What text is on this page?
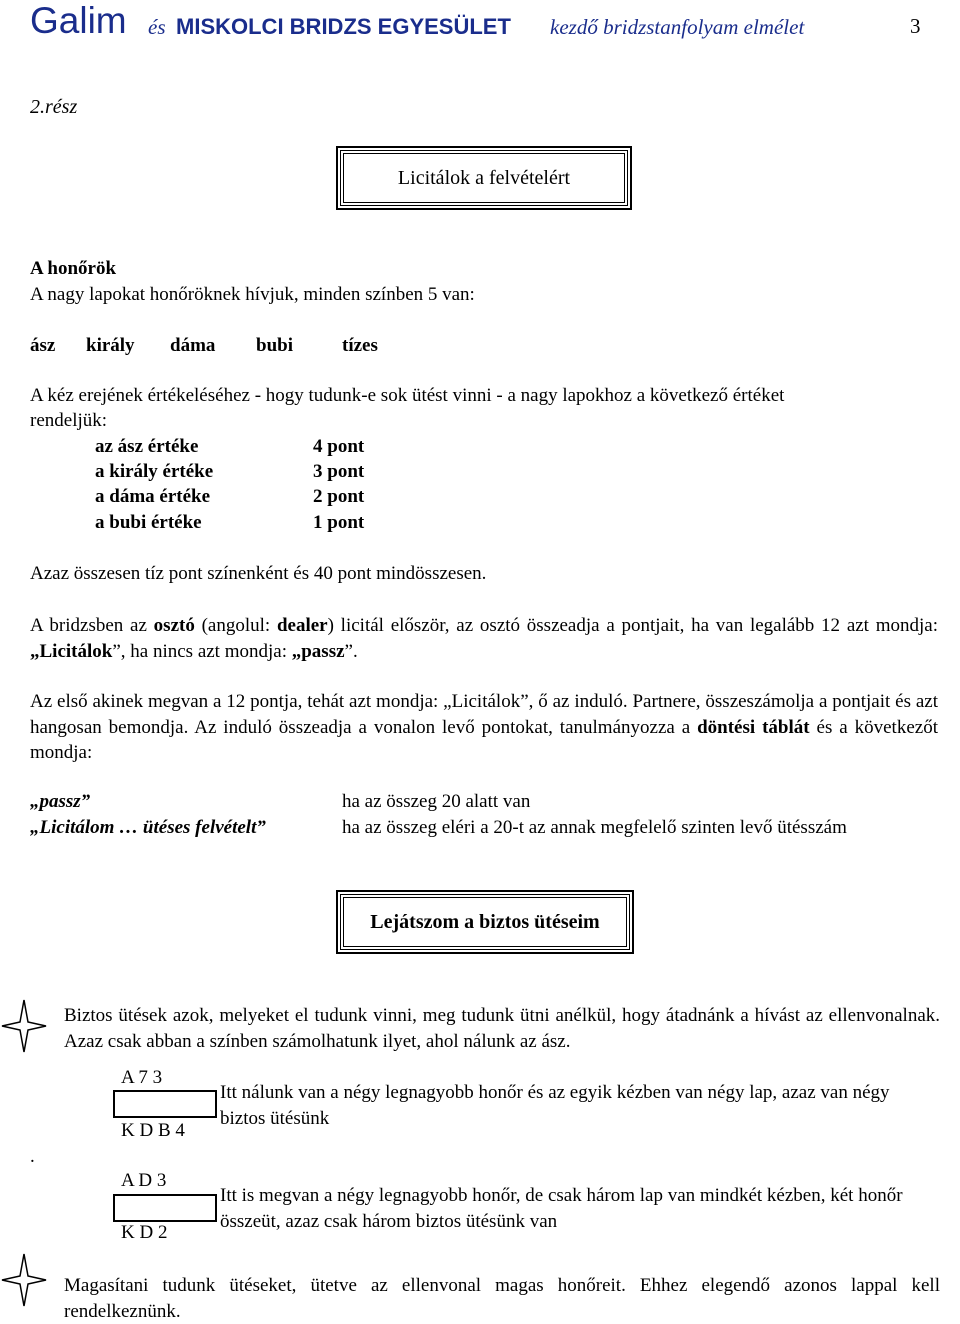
Galim és MISKOLCI BRIDZS EGYESÜLET kezdő bridzstanfolyam elmélet	3
2.rész
Licitálok a felvételért
A honőrök
A nagy lapokat honőröknek hívjuk, minden színben 5 van:
ász király dáma bubi	tízes
A kéz erejének értékeléséhez - hogy tudunk-e sok ütést vinni - a nagy lapokhoz a következő értéket
rendeljük:
az ász értéke	4 pont
a király értéke	3 pont
a dáma értéke	2 pont
a bubi értéke	1 pont
Azaz összesen tíz pont színenként és 40 pont mindösszesen.

A bridzsben az osztó (angolul: dealer) licitál először, az osztó összeadja a pontjait, ha van legalább 12 azt mondja: „Licitálok”, ha nincs azt mondja: „passz”.

Az első akinek megvan a 12 pontja, tehát azt mondja: „Licitálok”, ő az induló. Partnere, összeszámolja a pontjait és azt hangosan bemondja. Az induló összeadja a vonalon levő pontokat, tanulmányozza a döntési táblát és a következőt mondja:

„passz”	ha az összeg 20 alatt van
„Licitálom … ütéses felvételt”	ha az összeg eléri a 20-t az annak megfelelő szinten levő ütésszám
Lejátszom a biztos ütéseim

Biztos ütések azok, melyeket el tudunk vinni, meg tudunk ütni anélkül, hogy átadnánk a hívást az ellenvonalnak. Azaz csak abban a színben számolhatunk ilyet, ahol nálunk az ász.

A 7 3
K D B 4

Itt nálunk van a négy legnagyobb honőr és az egyik kézben van négy lap, azaz van négy biztos ütésünk

.
A D 3
K D 2

Itt is megvan a négy legnagyobb honőr, de csak három lap van mindkét kézben, két honőr összeüt, azaz csak három biztos ütésünk van

Magasítani tudunk ütéseket, ütetve az ellenvonal magas honőreit. Ehhez elegendő azonos lappal kell rendelkeznünk.
